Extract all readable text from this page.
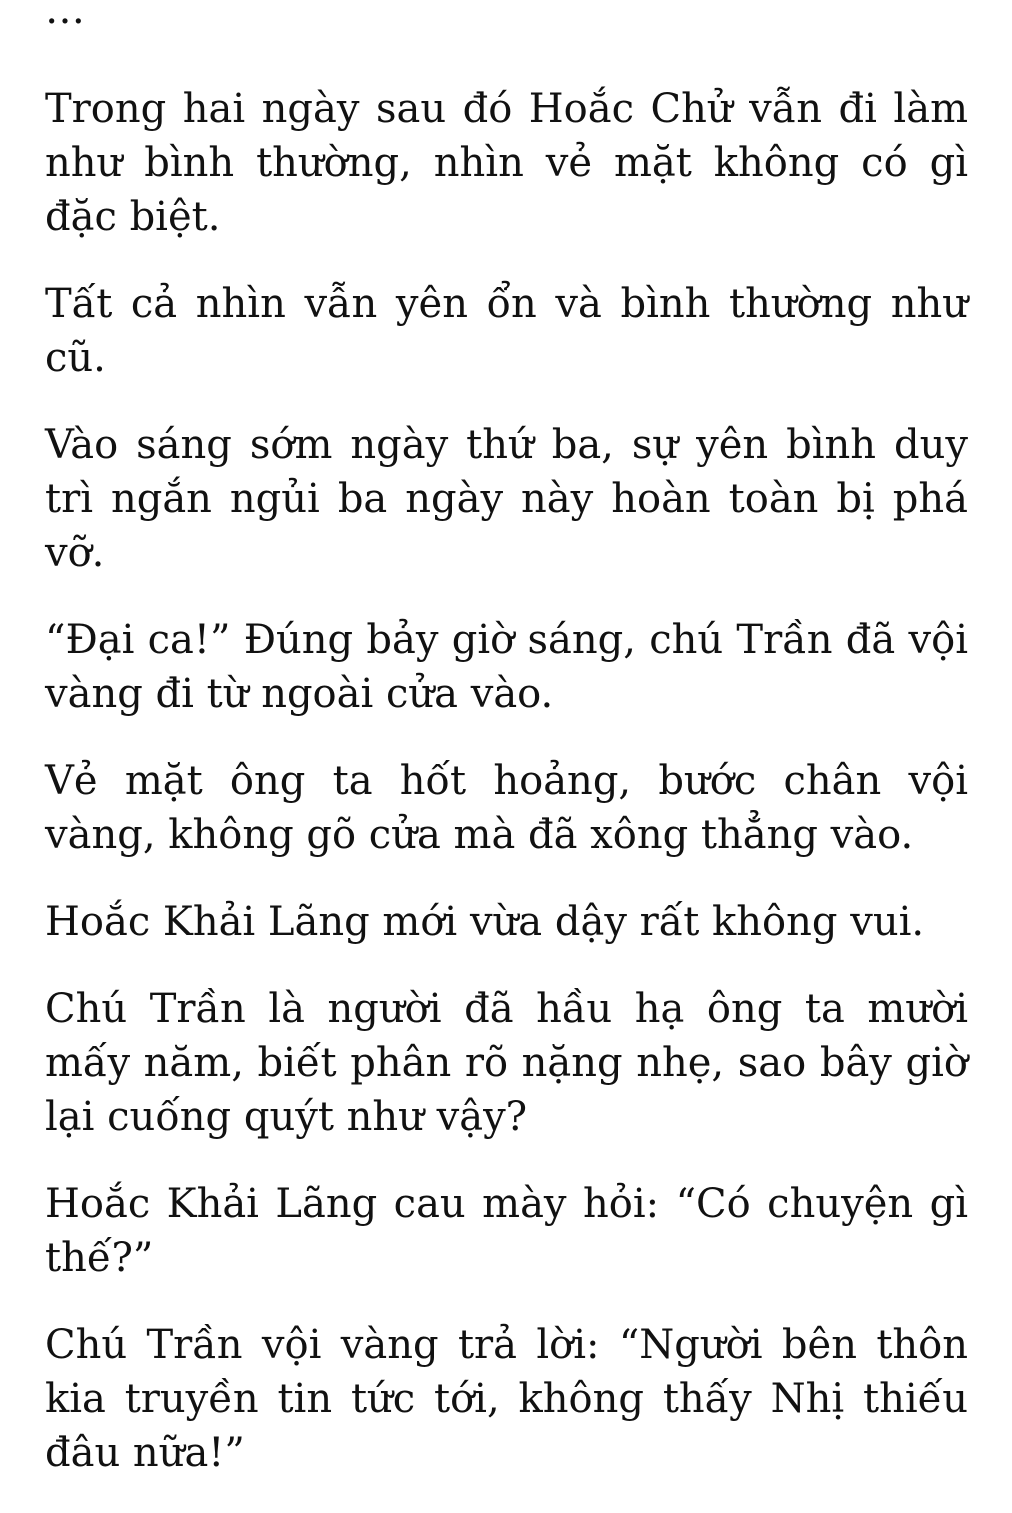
…

Trong hai ngày sau đó Hoắc Chử vẫn đi làm như bình thường, nhìn vẻ mặt không có gì đặc biệt.

Tất cả nhìn vẫn yên ổn và bình thường như cũ.

Vào sáng sớm ngày thứ ba, sự yên bình duy trì ngắn ngủi ba ngày này hoàn toàn bị phá vỡ.

“Đại ca!” Đúng bảy giờ sáng, chú Trần đã vội vàng đi từ ngoài cửa vào.

Vẻ mặt ông ta hốt hoảng, bước chân vội vàng, không gõ cửa mà đã xông thẳng vào.

Hoắc Khải Lãng mới vừa dậy rất không vui.

Chú Trần là người đã hầu hạ ông ta mười mấy năm, biết phân rõ nặng nhẹ, sao bây giờ lại cuống quýt như vậy?

Hoắc Khải Lãng cau mày hỏi: “Có chuyện gì thế?”

Chú Trần vội vàng trả lời: “Người bên thôn kia truyền tin tức tới, không thấy Nhị thiếu đâu nữa!”
